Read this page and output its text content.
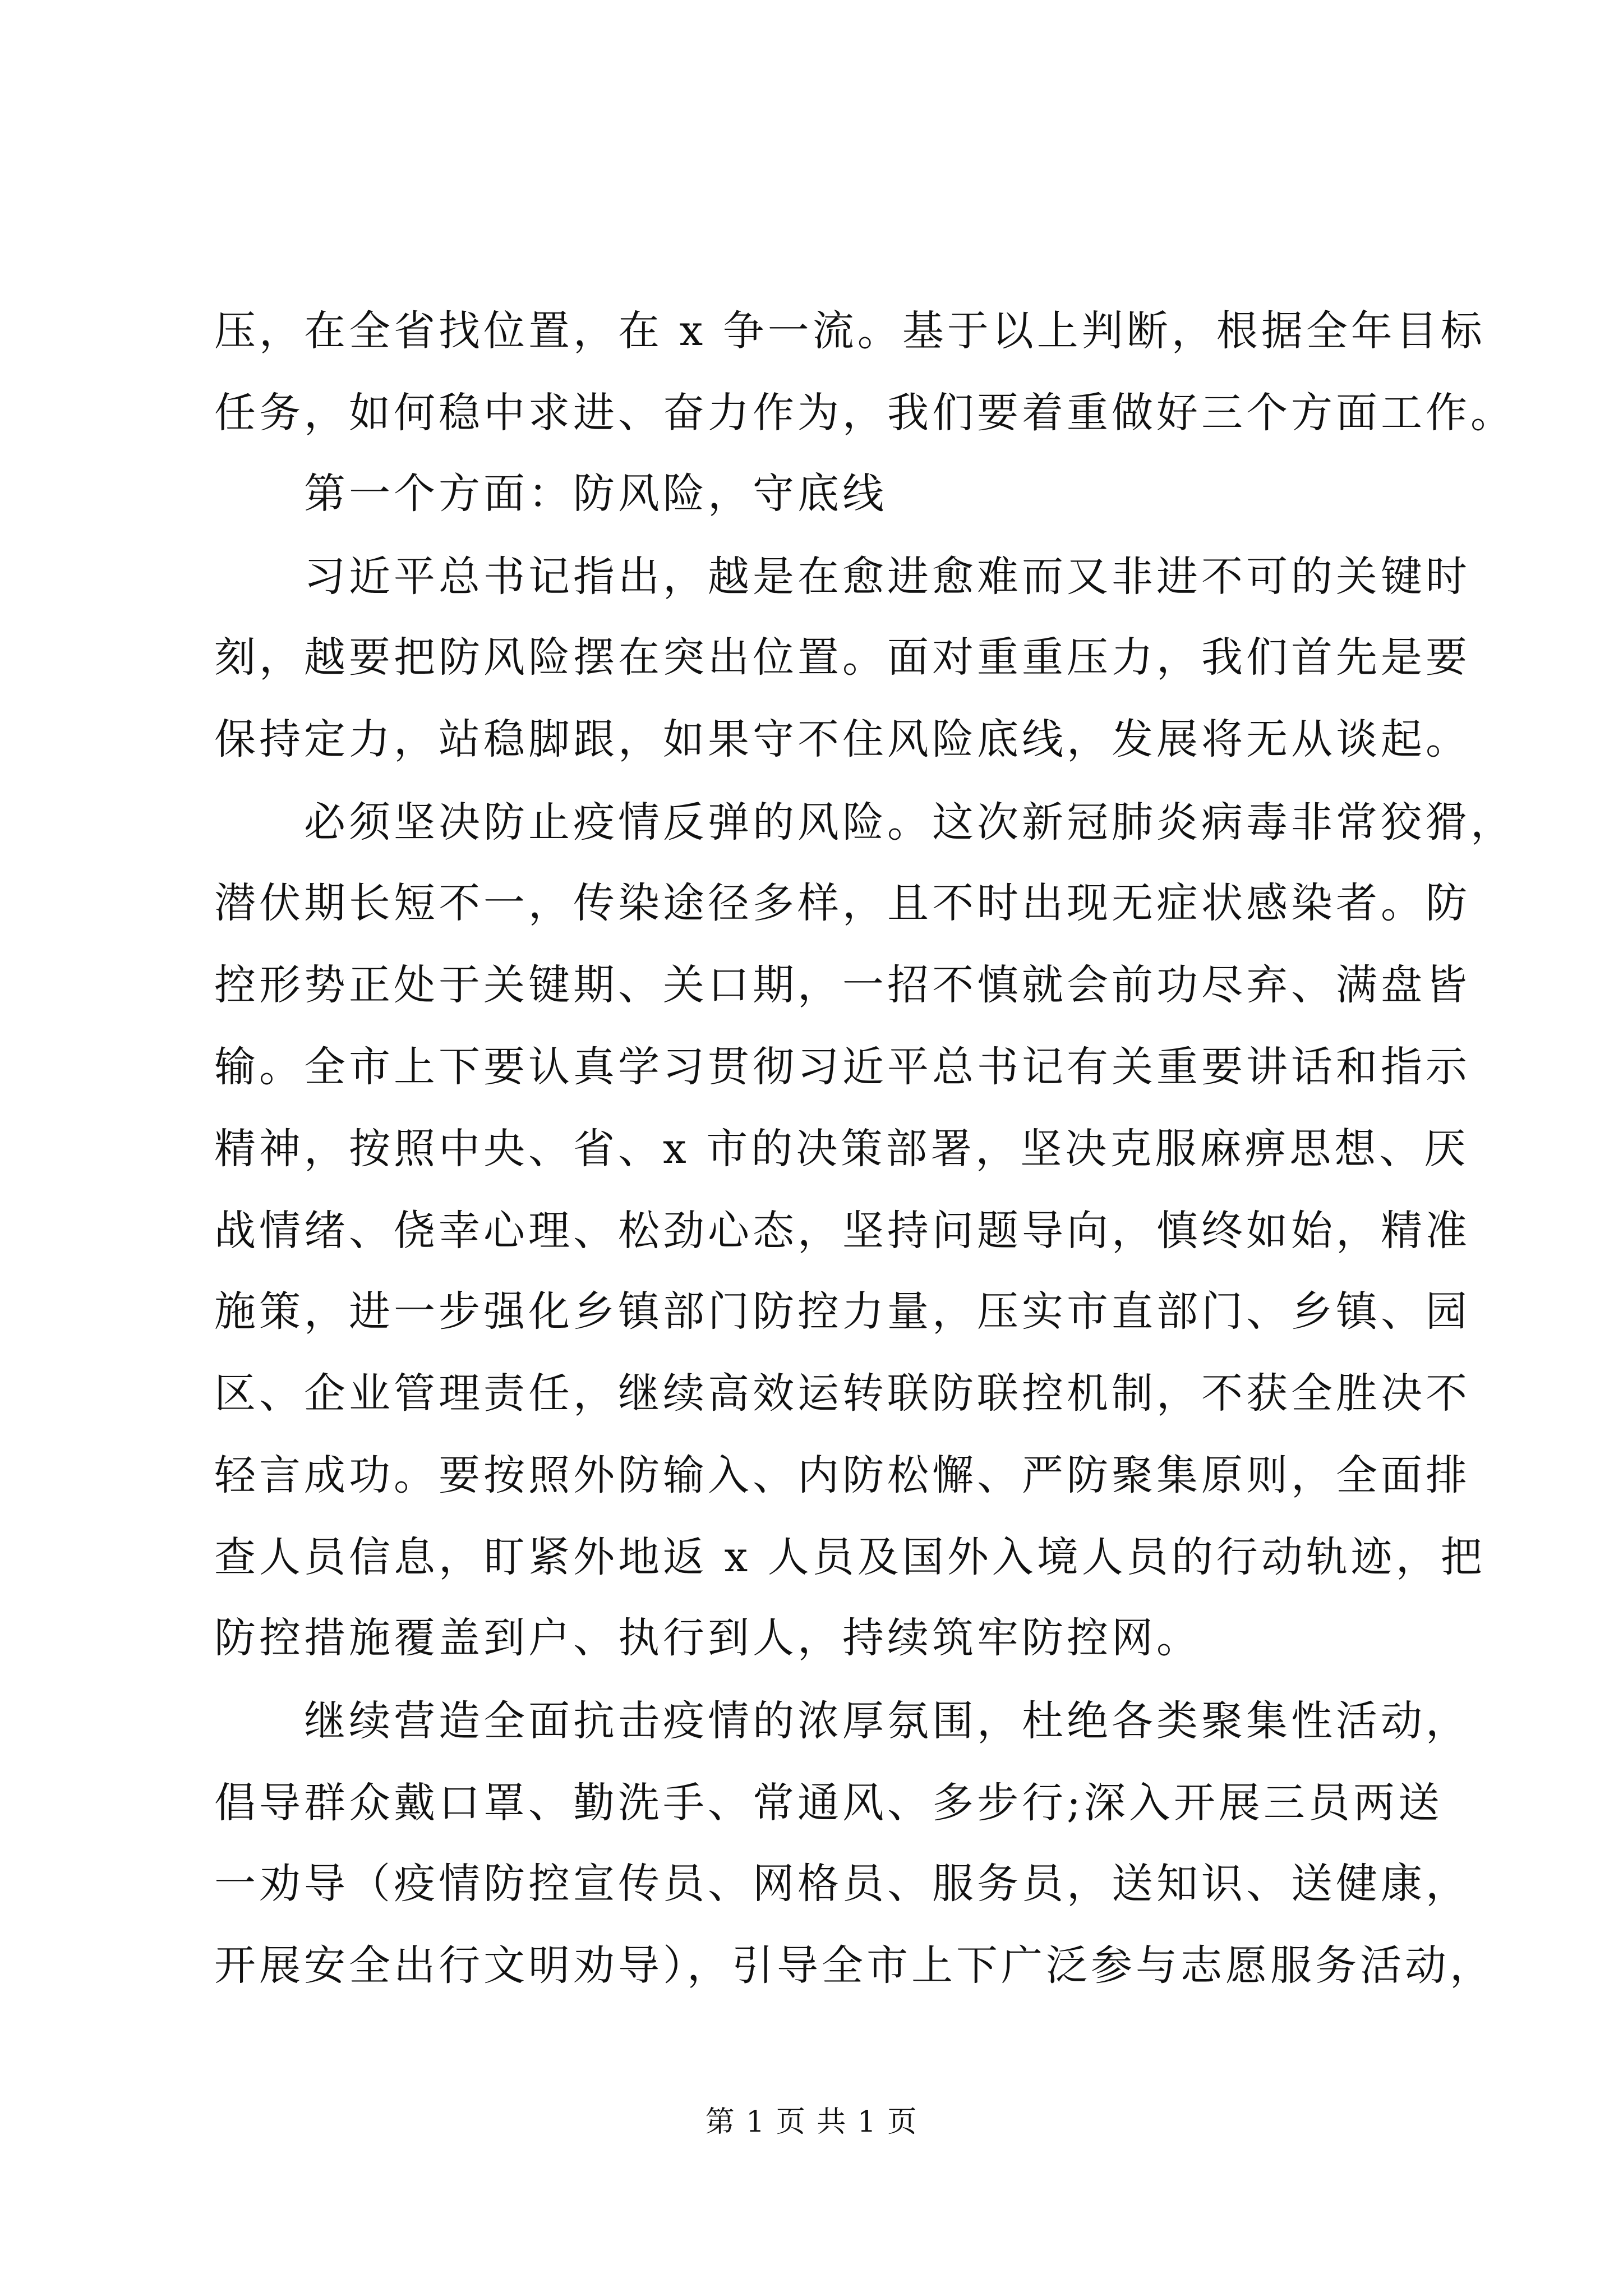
压，在全省找位置，在 x 争一流。基于以上判断，根据全年目标
任务，如何稳中求进、奋力作为，我们要着重做好三个方面工作。
　　第一个方面：防风险，守底线
　　习近平总书记指出，越是在愈进愈难而又非进不可的关键时
刻，越要把防风险摆在突出位置。面对重重压力，我们首先是要
保持定力，站稳脚跟，如果守不住风险底线，发展将无从谈起。
　　必须坚决防止疫情反弹的风险。这次新冠肺炎病毒非常狡猾，
潜伏期长短不一，传染途径多样，且不时出现无症状感染者。防
控形势正处于关键期、关口期，一招不慎就会前功尽弃、满盘皆
输。全市上下要认真学习贯彻习近平总书记有关重要讲话和指示
精神，按照中央、省、x 市的决策部署，坚决克服麻痹思想、厌
战情绪、侥幸心理、松劲心态，坚持问题导向，慎终如始，精准
施策，进一步强化乡镇部门防控力量，压实市直部门、乡镇、园
区、企业管理责任，继续高效运转联防联控机制，不获全胜决不
轻言成功。要按照外防输入、内防松懈、严防聚集原则，全面排
查人员信息，盯紧外地返 x 人员及国外入境人员的行动轨迹，把
防控措施覆盖到户、执行到人，持续筑牢防控网。
　　继续营造全面抗击疫情的浓厚氛围，杜绝各类聚集性活动，
倡导群众戴口罩、勤洗手、常通风、多步行;深入开展三员两送
一劝导（疫情防控宣传员、网格员、服务员，送知识、送健康，
开展安全出行文明劝导），引导全市上下广泛参与志愿服务活动，
第 1 页 共 1 页
